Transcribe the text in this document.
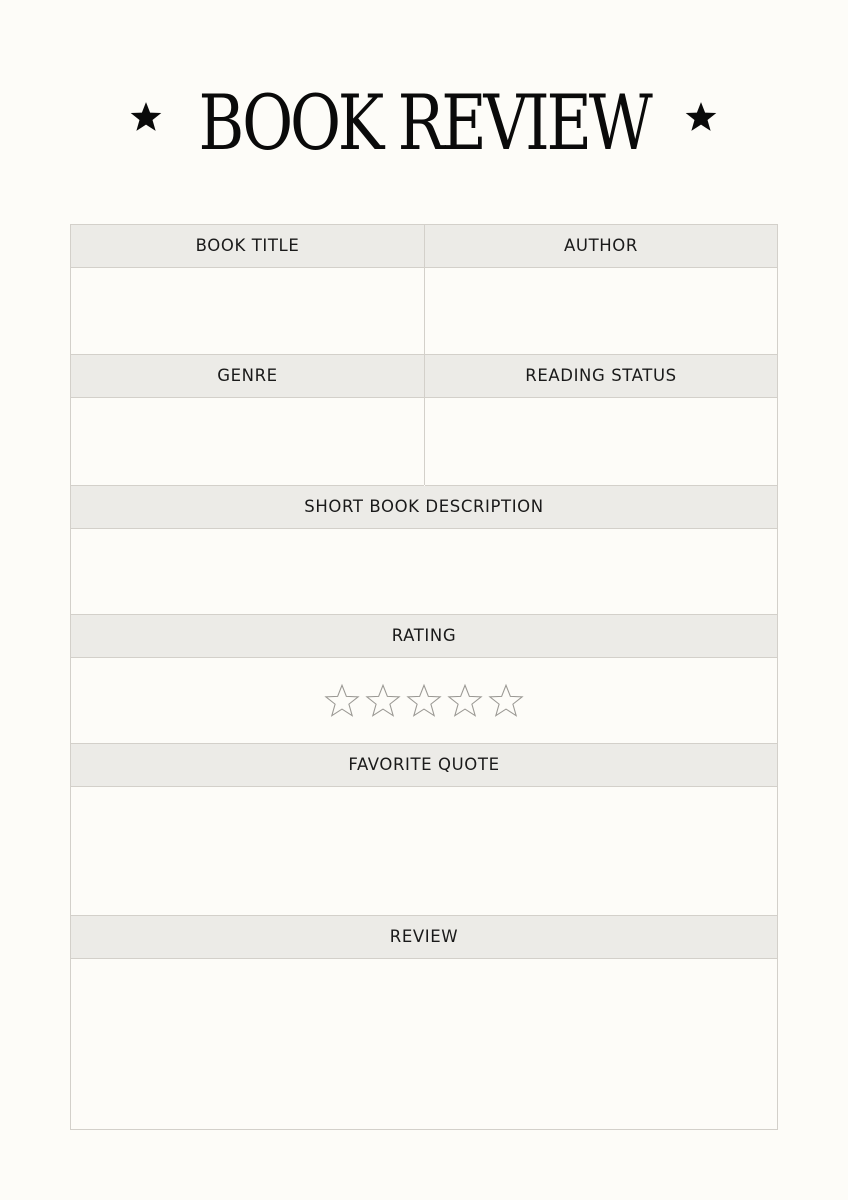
BOOK REVIEW
BOOK TITLE	AUTHOR
GENRE	READING STATUS
SHORT BOOK DESCRIPTION
RATING
FAVORITE QUOTE
REVIEW
